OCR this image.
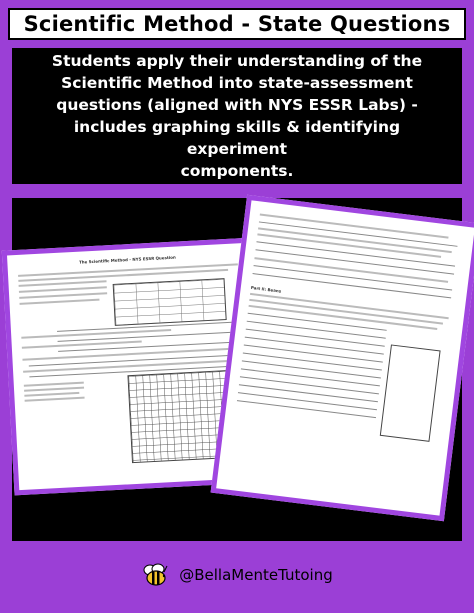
Scientific Method - State Questions
Students apply their understanding of the
Scientific Method into state-assessment
questions (aligned with NYS ESSR Labs) -
includes graphing skills & identifying experiment
components.
The Scientific Method - NYS ESSR Question
Part II: Beans
@BellaMenteTutoing
